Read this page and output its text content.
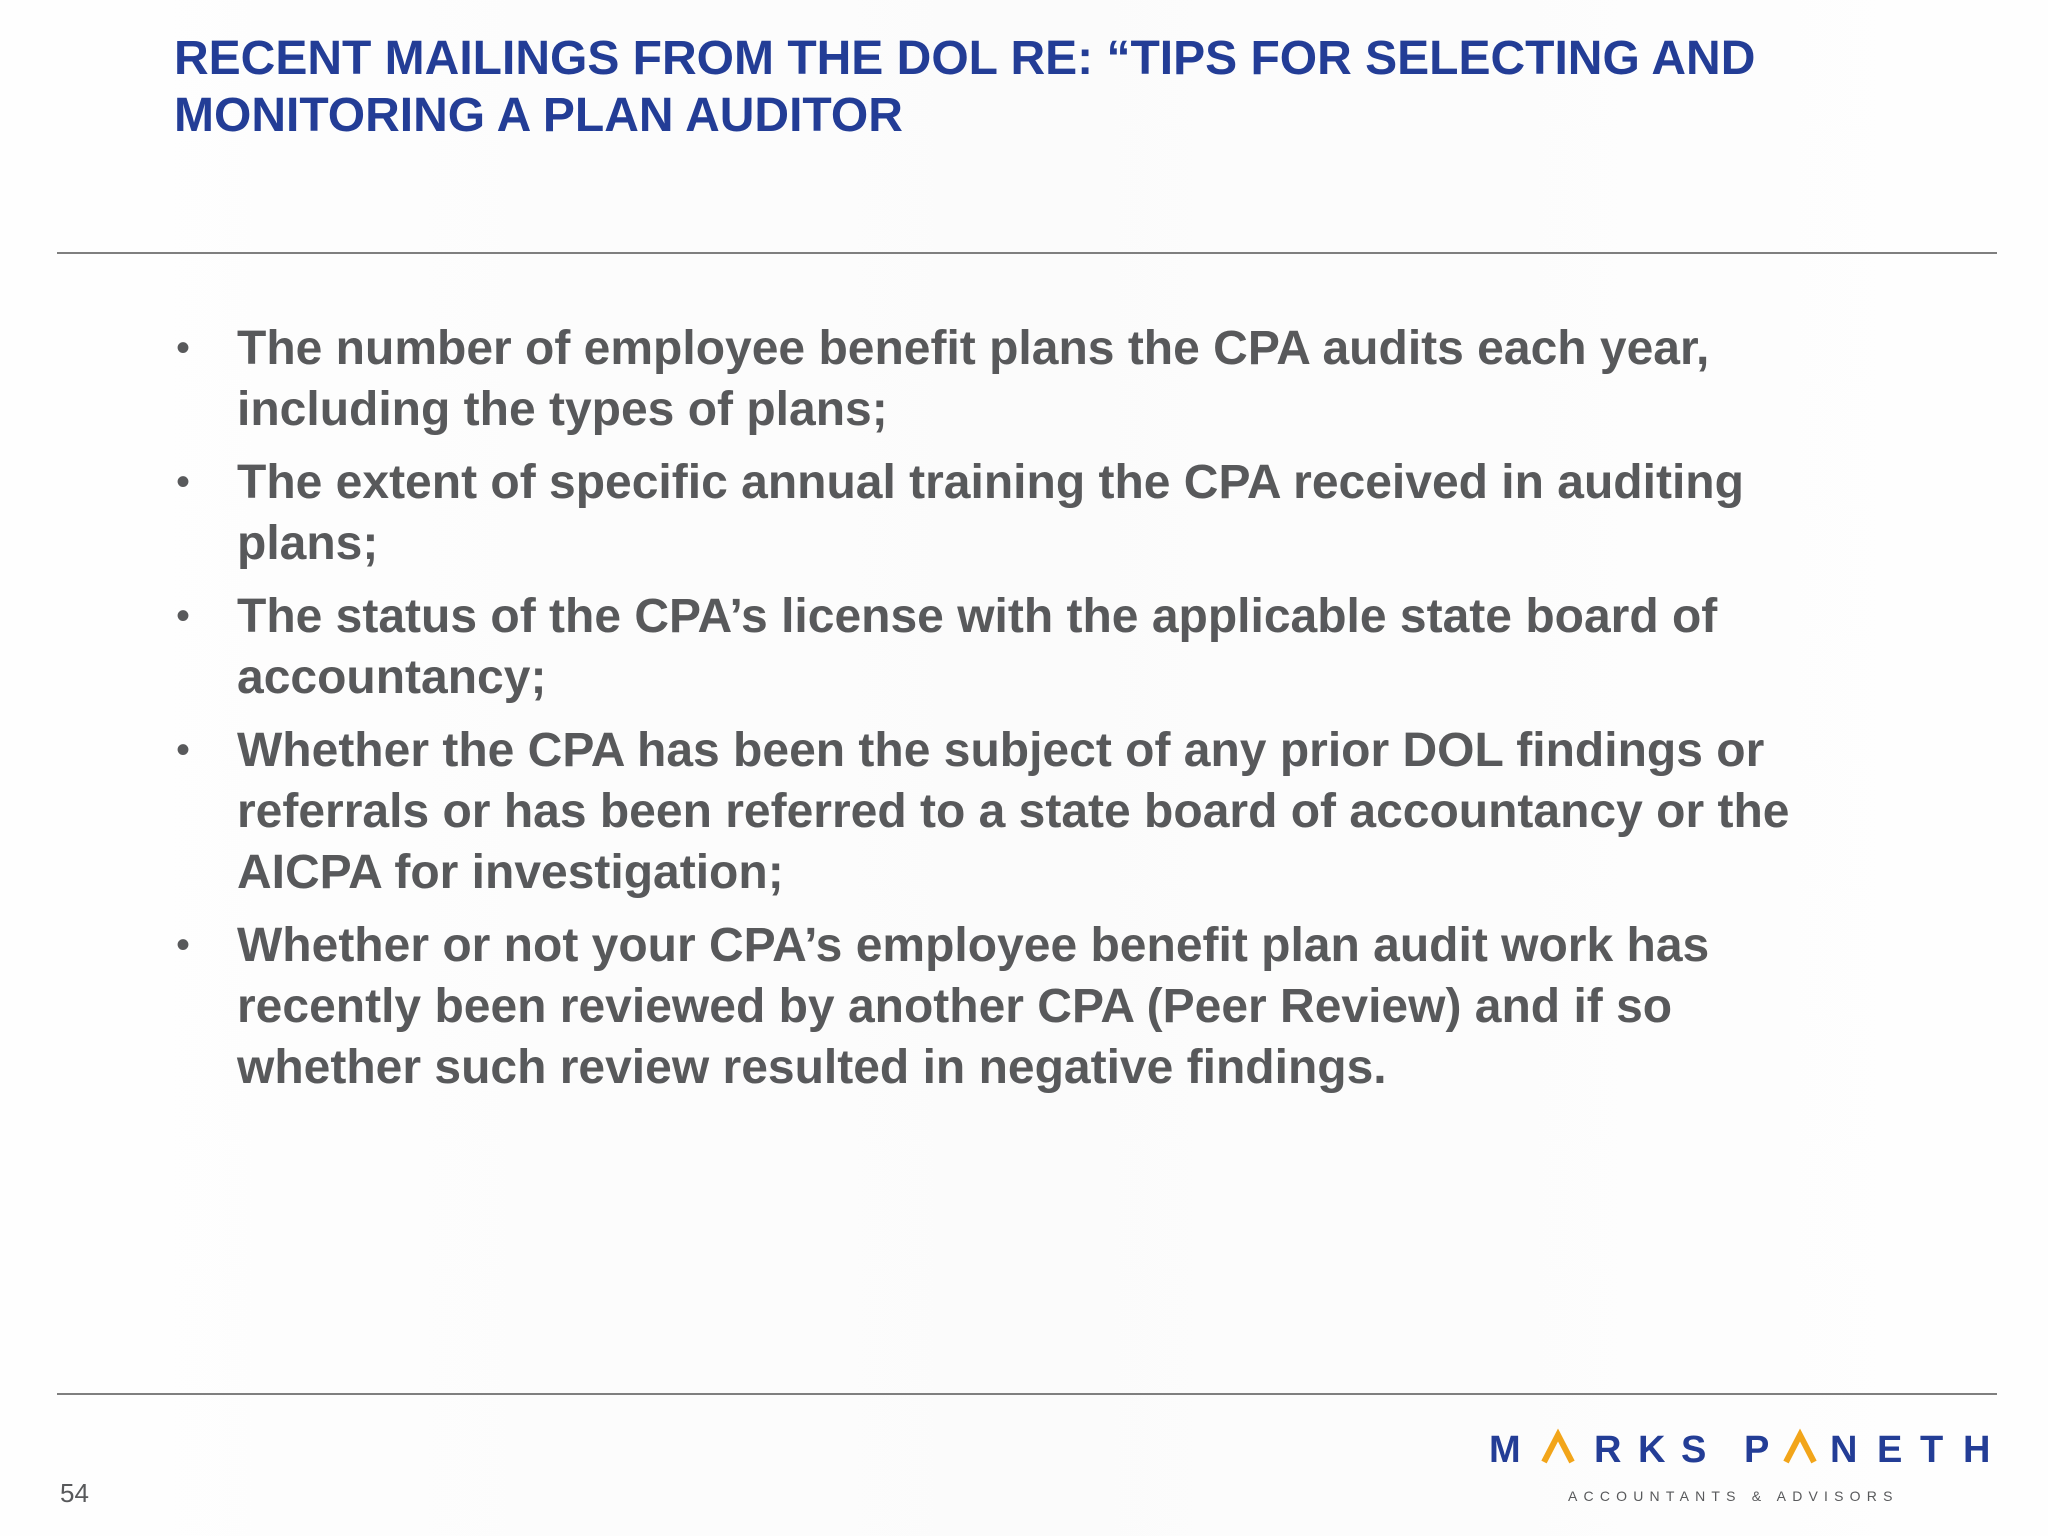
RECENT MAILINGS FROM THE DOL RE: “TIPS FOR SELECTING AND
MONITORING A PLAN AUDITOR
• The number of employee benefit plans the CPA audits each year,
including the types of plans;
• The extent of specific annual training the CPA received in auditing
plans;
• The status of the CPA’s license with the applicable state board of
accountancy;
• Whether the CPA has been the subject of any prior DOL findings or
referrals or has been referred to a state board of accountancy or the
AICPA for investigation;
• Whether or not your CPA’s employee benefit plan audit work has
recently been reviewed by another CPA (Peer Review) and if so
whether such review resulted in negative findings.
54
M R K S P N E T H
ACCOUNTANTS & ADVISORS
